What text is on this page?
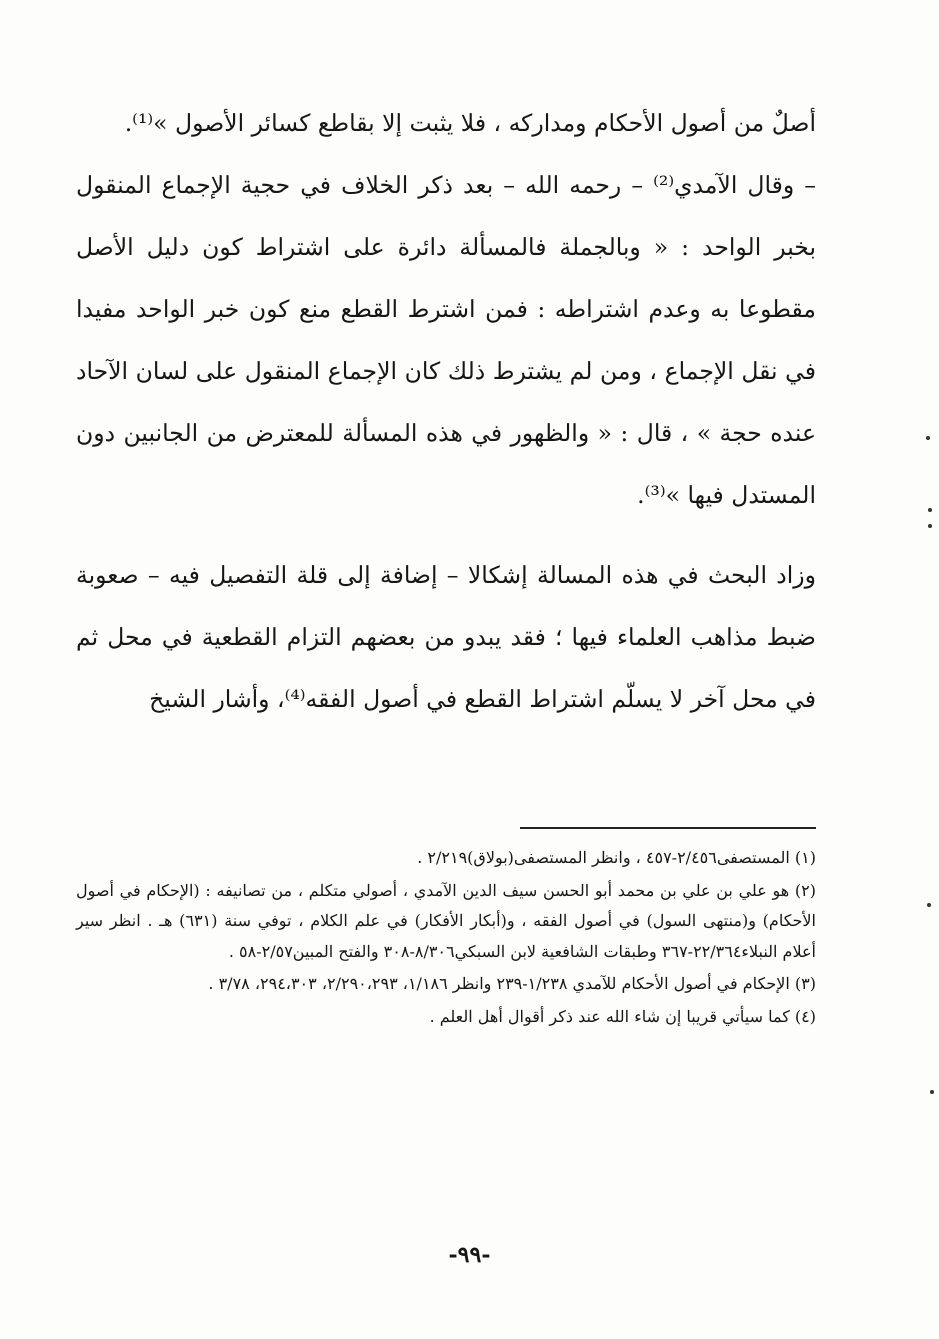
أصلٌ من أصول الأحكام ومداركه ، فلا يثبت إلا بقاطع كسائر الأصول »⁽¹⁾.

– وقال الآمدي⁽²⁾ – رحمه الله – بعد ذكر الخلاف في حجية الإجماع المنقول بخبر الواحد : « وبالجملة فالمسألة دائرة على اشتراط كون دليل الأصل مقطوعا به وعدم اشتراطه : فمن اشترط القطع منع كون خبر الواحد مفيدا في نقل الإجماع ، ومن لم يشترط ذلك كان الإجماع المنقول على لسان الآحاد عنده حجة » ، قال : « والظهور في هذه المسألة للمعترض من الجانبين دون المستدل فيها »⁽³⁾.

وزاد البحث في هذه المسالة إشكالا – إضافة إلى قلة التفصيل فيه – صعوبة ضبط مذاهب العلماء فيها ؛ فقد يبدو من بعضهم التزام القطعية في محل ثم في محل آخر لا يسلّم اشتراط القطع في أصول الفقه⁽⁴⁾، وأشار الشيخ

(١) المستصفى٢/٤٥٦-٤٥٧ ، وانظر المستصفى(بولاق)٢/٢١٩ .

(٢) هو علي بن علي بن محمد أبو الحسن سيف الدين الآمدي ، أصولي متكلم ، من تصانيفه : (الإحكام في أصول الأحكام) و(منتهى السول) في أصول الفقه ، و(أبكار الأفكار) في علم الكلام ، توفي سنة (٦٣١) هـ . انظر سير أعلام النبلاء٢٢/٣٦٤-٣٦٧ وطبقات الشافعية لابن السبكي٨/٣٠٦-٣٠٨ والفتح المبين٢/٥٧-٥٨ .

(٣) الإحكام في أصول الأحكام للآمدي ١/٢٣٨-٢٣٩ وانظر ١/١٨٦، ٢/٢٩٠،٢٩٣، ٢٩٤،٣٠٣، ٣/٧٨ .

(٤) كما سيأتي قريبا إن شاء الله عند ذكر أقوال أهل العلم .

-٩٩-
